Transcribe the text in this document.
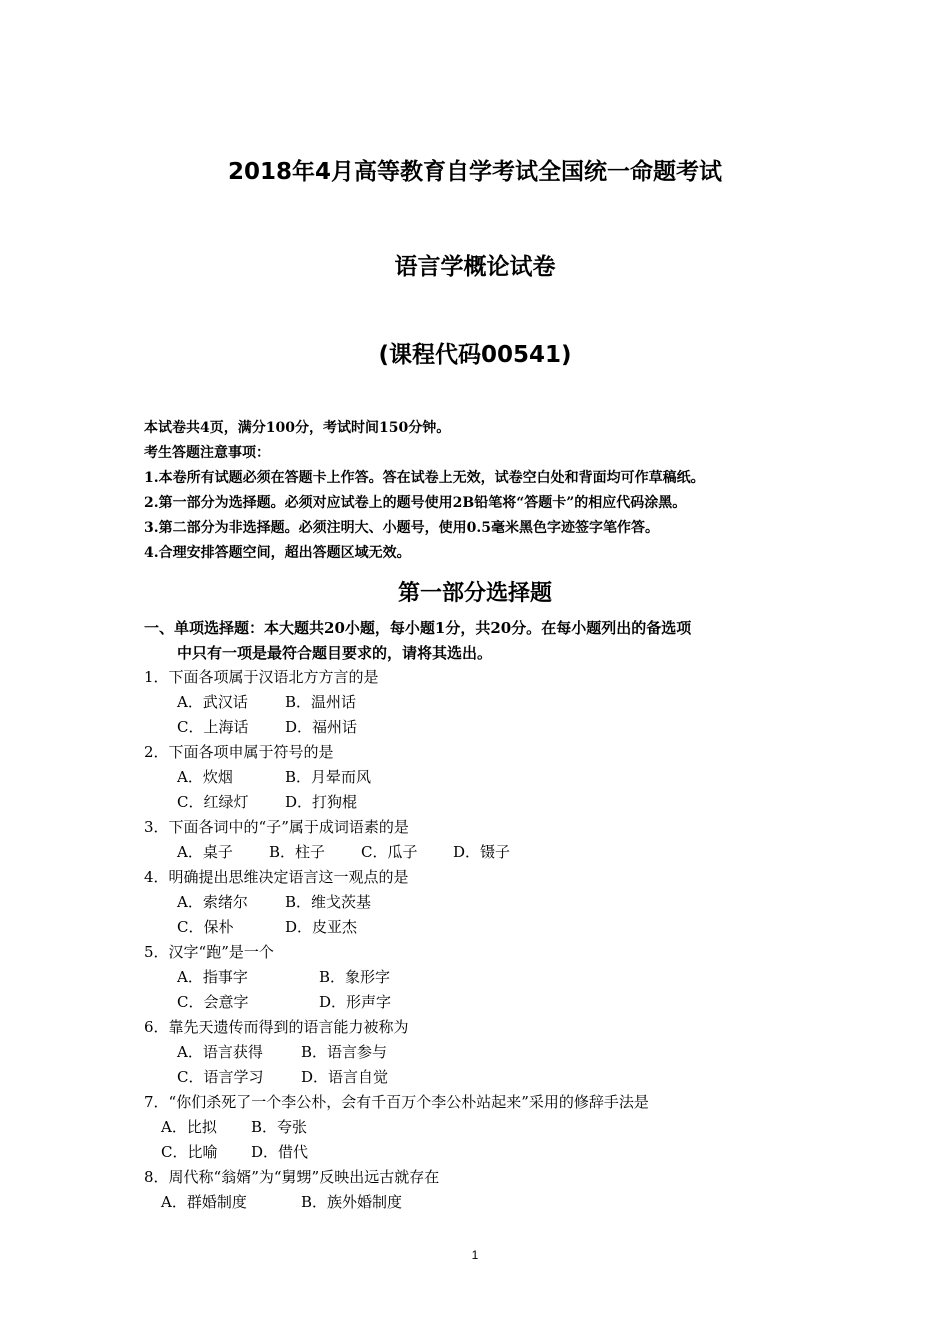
2018年4月高等教育自学考试全国统一命题考试
语言学概论试卷
(课程代码00541)
本试卷共4页，满分100分，考试时间150分钟。
考生答题注意事项：
1.本卷所有试题必须在答题卡上作答。答在试卷上无效，试卷空白处和背面均可作草稿纸。
2.第一部分为选择题。必须对应试卷上的题号使用2B铅笔将“答题卡”的相应代码涂黑。
3.第二部分为非选择题。必须注明大、小题号，使用0.5毫米黑色字迹签字笔作答。
4.合理安排答题空间，超出答题区域无效。
第一部分选择题
一、单项选择题：本大题共20小题，每小题1分，共20分。在每小题列出的备选项
中只有一项是最符合题目要求的，请将其选出。
1．下面各项属于汉语北方方言的是
A．武汉话 B．温州话
C．上海话 D．福州话
2．下面各项申属于符号的是
A．炊烟	B．月晕而风
C．红绿灯 D．打狗棍
3．下面各词中的“子”属于成词语素的是
A．桌子 B．柱子 C．瓜子 D．镊子
4．明确提出思维决定语言这一观点的是
A．索绪尔 B．维戈茨基
C．保朴	D．皮亚杰
5．汉字“跑”是一个
A．指事字	B．象形字
C．会意字	D．形声字
6．靠先天遗传而得到的语言能力被称为
A．语言获得	B．语言参与
C．语言学习	D．语言自觉
7．“你们杀死了一个李公朴，会有千百万个李公朴站起来”采用的修辞手法是
A．比拟 B．夸张
C．比喻 D．借代
8．周代称“翁婿”为“舅甥”反映出远古就存在
A．群婚制度	B．族外婚制度
1
